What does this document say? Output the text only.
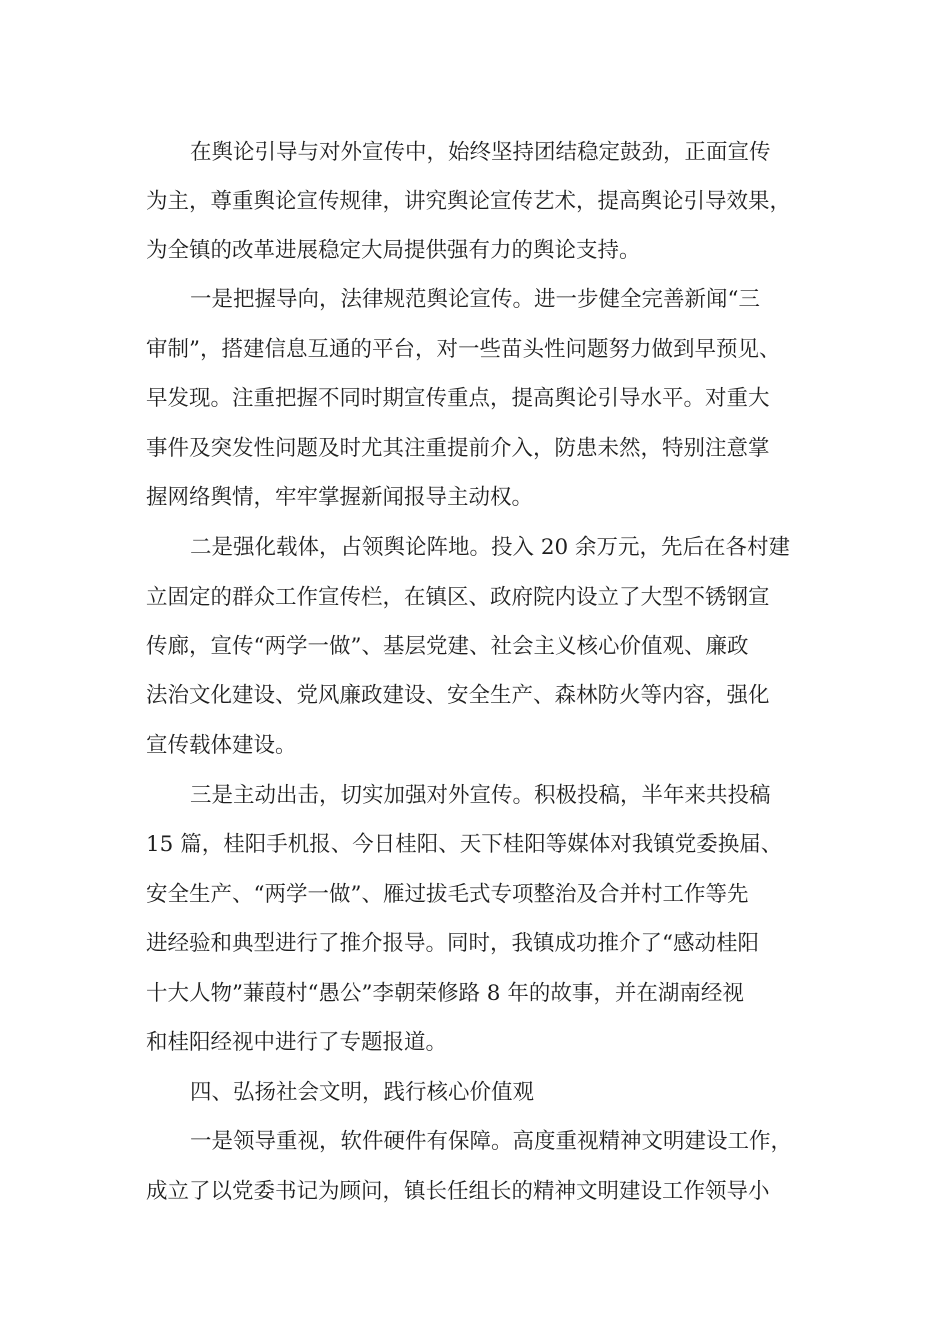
在舆论引导与对外宣传中，始终坚持团结稳定鼓劲，正面宣传
为主，尊重舆论宣传规律，讲究舆论宣传艺术，提高舆论引导效果，
为全镇的改革进展稳定大局提供强有力的舆论支持。
一是把握导向，法律规范舆论宣传。进一步健全完善新闻“三
审制”，搭建信息互通的平台，对一些苗头性问题努力做到早预见、
早发现。注重把握不同时期宣传重点，提高舆论引导水平。对重大
事件及突发性问题及时尤其注重提前介入，防患未然，特别注意掌
握网络舆情，牢牢掌握新闻报导主动权。
二是强化载体，占领舆论阵地。投入 20 余万元，先后在各村建
立固定的群众工作宣传栏，在镇区、政府院内设立了大型不锈钢宣
传廊，宣传“两学一做”、基层党建、社会主义核心价值观、廉政
法治文化建设、党风廉政建设、安全生产、森林防火等内容，强化
宣传载体建设。
三是主动出击，切实加强对外宣传。积极投稿，半年来共投稿
15 篇，桂阳手机报、今日桂阳、天下桂阳等媒体对我镇党委换届、
安全生产、“两学一做”、雁过拔毛式专项整治及合并村工作等先
进经验和典型进行了推介报导。同时，我镇成功推介了“感动桂阳
十大人物”蒹葭村“愚公”李朝荣修路 8 年的故事，并在湖南经视
和桂阳经视中进行了专题报道。
四、弘扬社会文明，践行核心价值观
一是领导重视，软件硬件有保障。高度重视精神文明建设工作，
成立了以党委书记为顾问，镇长任组长的精神文明建设工作领导小
